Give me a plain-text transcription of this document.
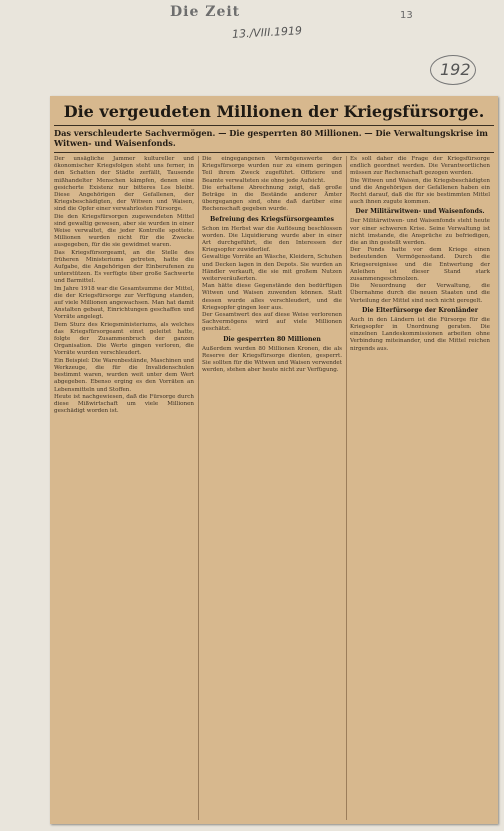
Die Zeit
13./VIII.1919
13
192
Die vergeudeten Millionen der Kriegsfürsorge.
Das verschleuderte Sachvermögen. — Die gesperrten 80 Millionen. — Die Verwaltungskrise im Witwen- und Waisenfonds.

Der unsägliche Jammer kultureller und ökonomischer Kriegsfolgen steht uns ferner, in den Schatten der Städte zerfällt, Tausende mißhandelter Menschen kämpfen, denen eine gesicherte Existenz nur bitteres Los bleibt. Diese Angehörigen der Gefallenen, der Kriegsbeschädigten, der Witwen und Waisen, sind die Opfer einer verwahrlosten Fürsorge.

Die den Kriegsfürsorgen zugewendeten Mittel sind gewaltig gewesen, aber sie wurden in einer Weise verwaltet, die jeder Kontrolle spottete. Millionen wurden nicht für die Zwecke ausgegeben, für die sie gewidmet waren.

Das Kriegsfürsorgeamt, an die Stelle des früheren Ministeriums getreten, hatte die Aufgabe, die Angehörigen der Einberufenen zu unterstützen. Es verfügte über große Sachwerte und Barmittel.

Im Jahre 1918 war die Gesamtsumme der Mittel, die der Kriegsfürsorge zur Verfügung standen, auf viele Millionen angewachsen. Man hat damit Anstalten gebaut, Einrichtungen geschaffen und Vorräte angelegt.

Dem Sturz des Kriegsministeriums, als welches das Kriegsfürsorgeamt einst geleitet hatte, folgte der Zusammenbruch der ganzen Organisation. Die Werte gingen verloren, die Vorräte wurden verschleudert.

Ein Beispiel: Die Warenbestände, Maschinen und Werkzeuge, die für die Invalidenschulen bestimmt waren, wurden weit unter dem Wert abgegeben. Ebenso erging es den Vorräten an Lebensmitteln und Stoffen.

Heute ist nachgewiesen, daß die Fürsorge durch diese Mißwirtschaft um viele Millionen geschädigt worden ist.

Die eingegangenen Vermögenswerte der Kriegsfürsorge wurden nur zu einem geringen Teil ihrem Zweck zugeführt. Offiziere und Beamte verwalteten sie ohne jede Aufsicht.

Die erhaltene Abrechnung zeigt, daß große Beträge in die Bestände anderer Ämter übergegangen sind, ohne daß darüber eine Rechenschaft gegeben wurde.

Befreiung des Kriegsfürsorgeamtes

Schon im Herbst war die Auflösung beschlossen worden. Die Liquidierung wurde aber in einer Art durchgeführt, die den Interessen der Kriegsopfer zuwiderlief.

Gewaltige Vorräte an Wäsche, Kleidern, Schuhen und Decken lagen in den Depots. Sie wurden an Händler verkauft, die sie mit großem Nutzen weiterveräußerten.

Man hätte diese Gegenstände den bedürftigen Witwen und Waisen zuwenden können. Statt dessen wurde alles verschleudert, und die Kriegsopfer gingen leer aus.

Der Gesamtwert des auf diese Weise verlorenen Sachvermögens wird auf viele Millionen geschätzt.

Die gesperrten 80 Millionen

Außerdem wurden 80 Millionen Kronen, die als Reserve der Kriegsfürsorge dienten, gesperrt. Sie sollten für die Witwen und Waisen verwendet werden, stehen aber heute nicht zur Verfügung.

Es soll daher die Frage der Kriegsfürsorge endlich geordnet werden. Die Verantwortlichen müssen zur Rechenschaft gezogen werden.

Die Witwen und Waisen, die Kriegsbeschädigten und die Angehörigen der Gefallenen haben ein Recht darauf, daß die für sie bestimmten Mittel auch ihnen zugute kommen.

Der Militärwitwen- und Waisenfonds.

Der Militärwitwen- und Waisenfonds steht heute vor einer schweren Krise. Seine Verwaltung ist nicht imstande, die Ansprüche zu befriedigen, die an ihn gestellt werden.

Der Fonds hatte vor dem Kriege einen bedeutenden Vermögensstand. Durch die Kriegsereignisse und die Entwertung der Anleihen ist dieser Stand stark zusammengeschmolzen.

Die Neuordnung der Verwaltung, die Übernahme durch die neuen Staaten und die Verteilung der Mittel sind noch nicht geregelt.

Die Elterfürsorge der Kronländer

Auch in den Ländern ist die Fürsorge für die Kriegsopfer in Unordnung geraten. Die einzelnen Landeskommissionen arbeiten ohne Verbindung miteinander, und die Mittel reichen nirgends aus.
